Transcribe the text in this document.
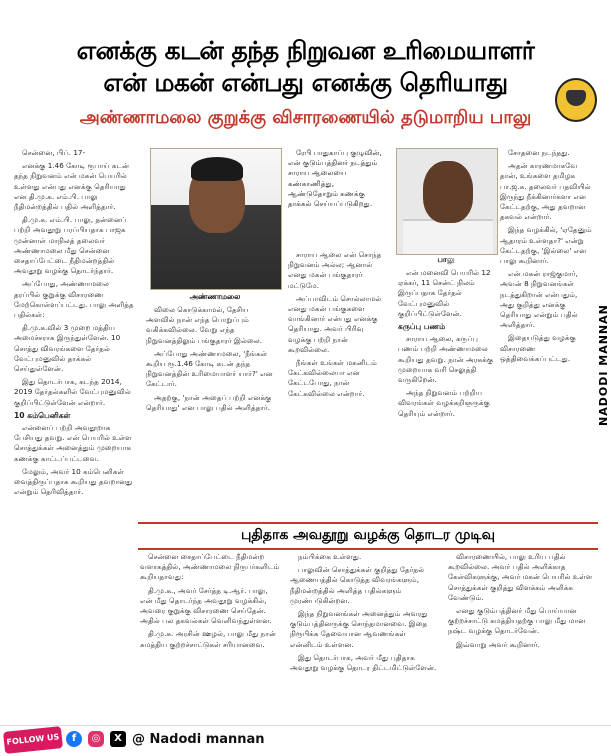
எனக்கு கடன் தந்த நிறுவன உரிமையாளர்
என் மகன் என்பது எனக்கு தெரியாது
அண்ணாமலை குறுக்கு விசாரணையில் தடுமாறிய பாலு
NADODI MANNAN

சென்னை, பிப். 17-

எனக்கு 1.46 கோடி ரூபாய் கடன் தந்த நிறுவனம் என் மகன் பெயரில் உள்ளது என்பது எனக்கு தெரியாது என தி.மு.க. எம்.பி. பாலு நீதிமன்றத்தில் பதில் அளித்தார்.

தி.மு.க. எம்.பி. பாலு, தன்னைப் பற்றி அவதூறு பரப்பியதாக பாஜக முன்னாள் மாநிலத் தலைவர் அண்ணாமலை மீது சென்னை சைதாப்பேட்டை நீதிமன்றத்தில் அவதூறு வழக்கு தொடர்ந்தார்.

அப்போது, அண்ணாமலை தரப்பில் குறுக்கு விசாரணை மேற்கொள்ளப்பட்டது. பாலு அளித்த பதில்கள்:

தி.மு.க.வில் 3 முறை மத்திய அமைச்சராக இருந்துள்ளேன். 10 சொத்து விவரங்களை தேர்தல் வேட்புமனுவில் தாக்கல் செய்துள்ளேன்.

இது தொடர்பாக, கடந்த 2014, 2019 தேர்தல்களில் வேட்புமனுவில் குறிப்பிட்டுள்ளேன் என்றார்.

10 கம்பெனிகள்

என்னைப் பற்றி அவதூறாக பேசியது தவறு. என் பெயரில் உள்ள சொத்துக்கள் அனைத்தும் முறையாக கணக்கு காட்டப்பட்டவை.

மேலும், அவர் 10 கம்பெனிகள் வைத்திருப்பதாக கூறியது தவறானது என்றும் தெரிவித்தார்.

அண்ணாமலை

விலை கொடுக்காமல், தேசிய அளவில் நான் எந்த பொறுப்பும் வகிக்கவில்லை. வேறு எந்த நிறுவனத்திலும் பங்குதாரர் இல்லை.

அப்போது அண்ணாமலை, 'நீங்கள் கூறிய ரூ.1.46 கோடி கடன் தந்த நிறுவனத்தின் உரிமையாளர் யார்?' என கேட்டார்.

அதற்கு, 'நான் அதைப் பற்றி எனக்கு தெரியாது' என பாலு பதில் அளித்தார்.

ரேபி பாதுகாப்பு குழுவின், என் குடும்பத்தினர் நடத்தும் சாராய ஆலையை கண்காணித்து, ஆண்டுதோறும் கணக்கு தாக்கல் செய்யப்படுகிறது.

சாராய ஆலை என் சொந்த நிறுவனம் அல்ல; ஆனால் எனது மகன் பங்குதாரர் மட்டுமே.

அப்பாவிடம் சொல்லாமல் எனது மகன் பங்குகளை வாங்கினார் என்பது எனக்கு தெரியாது. அவர் பிரிவு வழக்கு பற்றி நான் கூறவில்லை.

நீங்கள் உங்கள் மகனிடம் கேட்கவில்லையா என கேட்டபோது, நான் கேட்கவில்லை என்றார்.

பாலு

என் மனைவி பெயரில் 12 ஏக்கர், 11 சென்ட் நிலம் இருப்பதாக தேர்தல் வேட்புமனுவில் குறிப்பிட்டுள்ளேன்.

கருப்பு பணம்

சாராய ஆலை, கருப்பு பணம் பற்றி அண்ணாமலை கூறியது தவறு. நான் அரசுக்கு முறையாக வரி செலுத்தி வருகிறேன்.

அந்த நிறுவனம் பற்றிய விவரங்கள் வழக்கறிஞருக்கு தெரியும் என்றார்.

சோதனை நடந்தது.

அதன் காரணமாகவே தான், உங்களை தமிழக பா.ஜ.க. தலைவர் பதவியில் இருந்து நீக்கினார்களா என கேட்டதற்கு, அது தவறான தகவல் என்றார்.

இந்த வழக்கில், 'ஏதேனும் ஆதாரம் உள்ளதா?' என்று கேட்டதற்கு, 'இல்லை' என பாலு கூறினார்.

என் மகன் ராஜ்குமார், அவன் 8 நிறுவனங்கள் நடத்துகிறான் என்பதும், அது குறித்து எனக்கு தெரியாது என்றும் பதில் அளித்தார்.

இதையடுத்து வழக்கு விசாரணை ஒத்திவைக்கப்பட்டது.

புதிதாக அவதூறு வழக்கு தொடர முடிவு

சென்னை சைதாப்பேட்டை நீதிமன்ற வளாகத்தில், அண்ணாமலை நிருபர்களிடம் கூறியதாவது:

தி.மு.க., அவர் சேர்த்த டி.ஆர். பாலு, என் மீது தொடர்ந்த அவதூறு வழக்கில், அவரை குறுக்கு விசாரணை செய்தேன். அதில் பல தகவல்கள் வெளிவந்துள்ளன.

தி.மு.க. அரசின் ஊழல், பாலு மீது நான் சுமத்திய குற்றச்சாட்டுகள் சரியானவை.

நம்பிக்கை உள்ளது.

பாலுவின் சொத்துக்கள் குறித்து தேர்தல் ஆணையத்தில் கொடுத்த விவரங்களும், நீதிமன்றத்தில் அளித்த பதில்களும் முரண்படுகின்றன.

இந்த நிறுவனங்கள் அனைத்தும் அவரது குடும்பத்தினருக்கு சொந்தமானவை. இதை நிரூபிக்க தேவையான ஆவணங்கள் என்னிடம் உள்ளன.

இது தொடர்பாக, அவர் மீது புதிதாக அவதூறு வழக்கு தொடர திட்டமிட்டுள்ளேன்.

விசாரணையில், பாலு உரிய பதில் கூறவில்லை. அவர் பதில் அளிக்காத கேள்விகளுக்கு, அவர் மகன் பெயரில் உள்ள சொத்துக்கள் குறித்து விளக்கம் அளிக்க வேண்டும்.

எனது குடும்பத்தினர் மீது பொய்யான குற்றச்சாட்டு சுமத்தியதற்கு பாலு மீது மான நஷ்ட வழக்கு தொடர்வேன்.

இவ்வாறு அவர் கூறினார்.

FOLLOW US	f	◎	X @ Nadodi mannan
